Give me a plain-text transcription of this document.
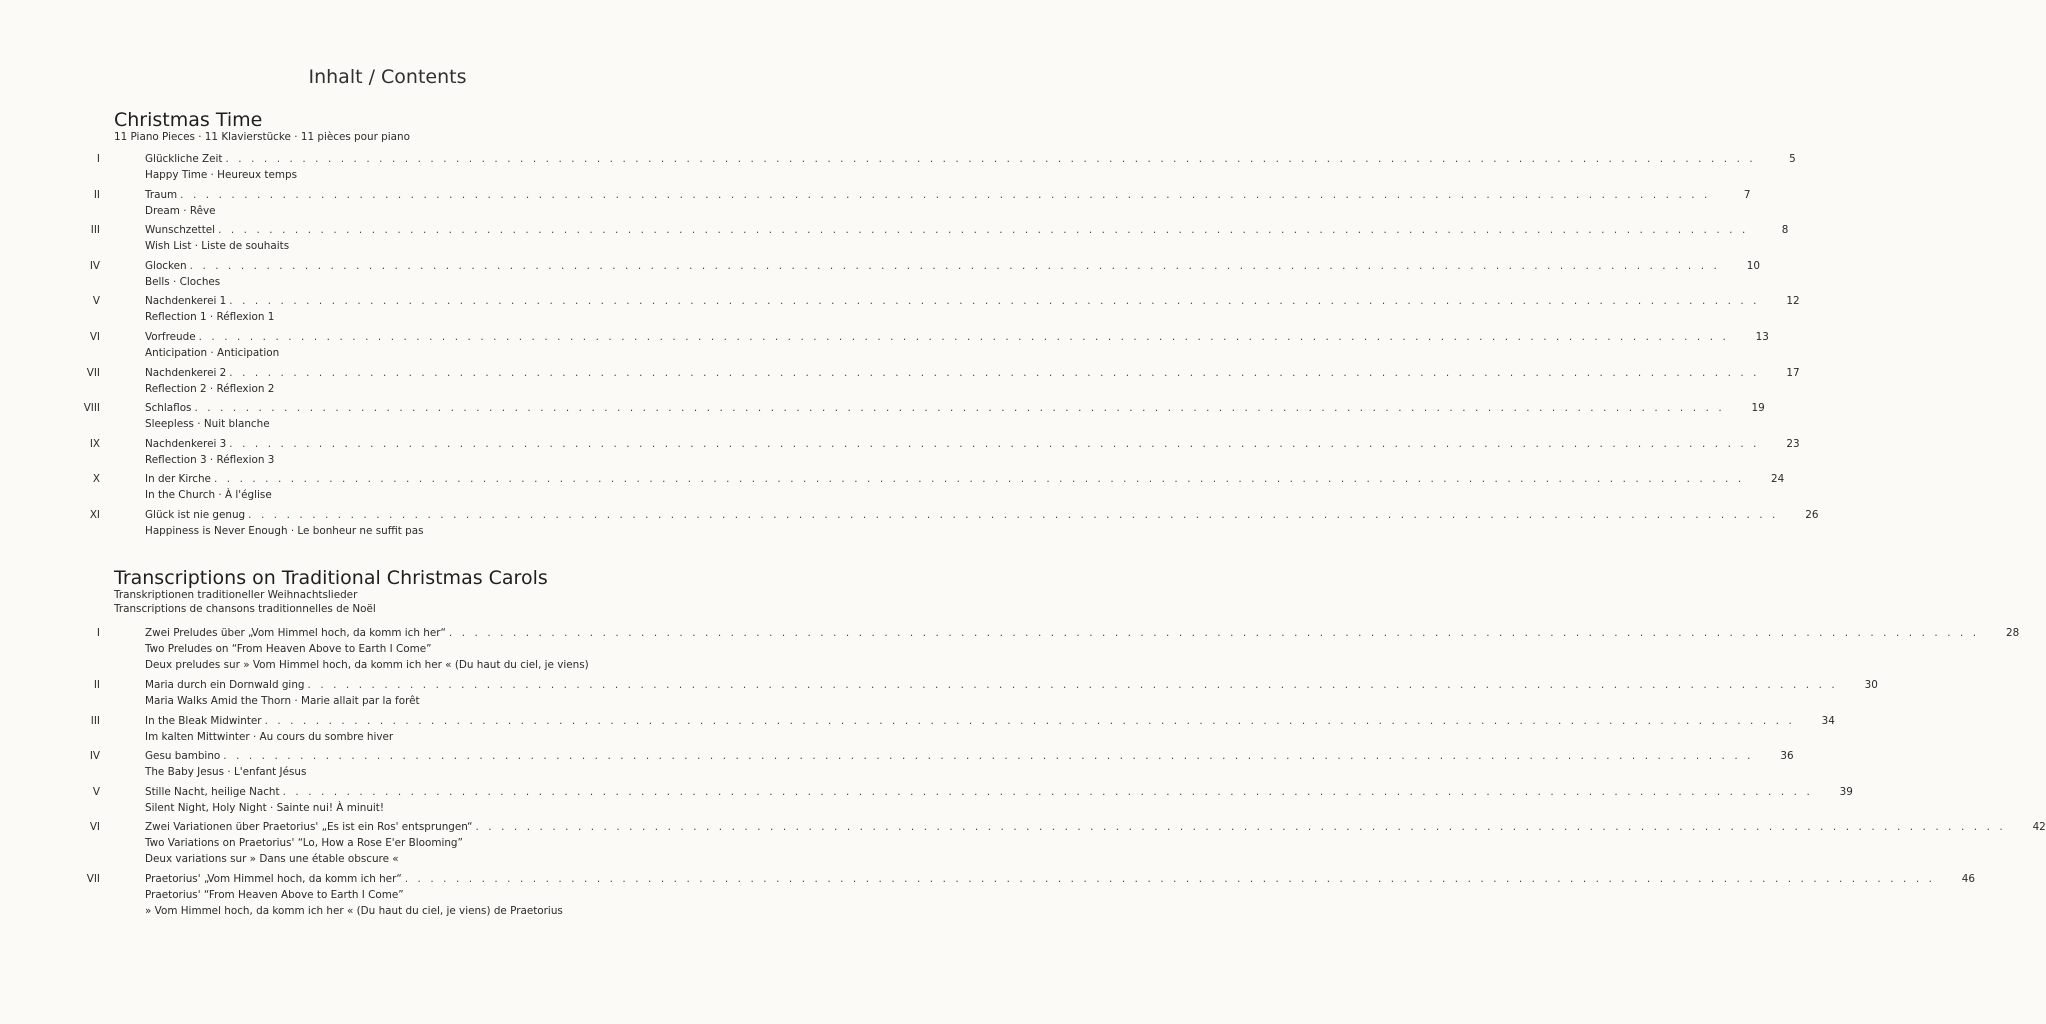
Inhalt / Contents
Christmas Time
11 Piano Pieces · 11 Klavierstücke · 11 pièces pour piano
I	Glückliche Zeit . . . . . . . . . . . . . . . . . . . . . . . . . . . . . . . . . . . . . . . . . . . . . . . . . . . . . . . . . . . . . . . . . . . . . . . . . . . . . . . . . . . . . . . . . . . . . . . . . . . . . . . . . . . . . . . . . . . . . . . .	5
Happy Time · Heureux temps
II	Traum . . . . . . . . . . . . . . . . . . . . . . . . . . . . . . . . . . . . . . . . . . . . . . . . . . . . . . . . . . . . . . . . . . . . . . . . . . . . . . . . . . . . . . . . . . . . . . . . . . . . . . . . . . . . . . . . . . . . . . . .	7
Dream · Rêve
III	Wunschzettel . . . . . . . . . . . . . . . . . . . . . . . . . . . . . . . . . . . . . . . . . . . . . . . . . . . . . . . . . . . . . . . . . . . . . . . . . . . . . . . . . . . . . . . . . . . . . . . . . . . . . . . . . . . . . . . . . . . . . . . .	8
Wish List · Liste de souhaits
IV	Glocken . . . . . . . . . . . . . . . . . . . . . . . . . . . . . . . . . . . . . . . . . . . . . . . . . . . . . . . . . . . . . . . . . . . . . . . . . . . . . . . . . . . . . . . . . . . . . . . . . . . . . . . . . . . . . . . . . . . . . . . .	10
Bells · Cloches
V	Nachdenkerei 1 . . . . . . . . . . . . . . . . . . . . . . . . . . . . . . . . . . . . . . . . . . . . . . . . . . . . . . . . . . . . . . . . . . . . . . . . . . . . . . . . . . . . . . . . . . . . . . . . . . . . . . . . . . . . . . . . . . . . . . . .	12
Reflection 1 · Réflexion 1
VI	Vorfreude . . . . . . . . . . . . . . . . . . . . . . . . . . . . . . . . . . . . . . . . . . . . . . . . . . . . . . . . . . . . . . . . . . . . . . . . . . . . . . . . . . . . . . . . . . . . . . . . . . . . . . . . . . . . . . . . . . . . . . . .	13
Anticipation · Anticipation
VII	Nachdenkerei 2 . . . . . . . . . . . . . . . . . . . . . . . . . . . . . . . . . . . . . . . . . . . . . . . . . . . . . . . . . . . . . . . . . . . . . . . . . . . . . . . . . . . . . . . . . . . . . . . . . . . . . . . . . . . . . . . . . . . . . . . .	17
Reflection 2 · Réflexion 2
VIII	Schlaflos . . . . . . . . . . . . . . . . . . . . . . . . . . . . . . . . . . . . . . . . . . . . . . . . . . . . . . . . . . . . . . . . . . . . . . . . . . . . . . . . . . . . . . . . . . . . . . . . . . . . . . . . . . . . . . . . . . . . . . . .	19
Sleepless · Nuit blanche
IX	Nachdenkerei 3 . . . . . . . . . . . . . . . . . . . . . . . . . . . . . . . . . . . . . . . . . . . . . . . . . . . . . . . . . . . . . . . . . . . . . . . . . . . . . . . . . . . . . . . . . . . . . . . . . . . . . . . . . . . . . . . . . . . . . . . .	23
Reflection 3 · Réflexion 3
X	In der Kirche . . . . . . . . . . . . . . . . . . . . . . . . . . . . . . . . . . . . . . . . . . . . . . . . . . . . . . . . . . . . . . . . . . . . . . . . . . . . . . . . . . . . . . . . . . . . . . . . . . . . . . . . . . . . . . . . . . . . . . . .	24
In the Church · À l'église
XI	Glück ist nie genug . . . . . . . . . . . . . . . . . . . . . . . . . . . . . . . . . . . . . . . . . . . . . . . . . . . . . . . . . . . . . . . . . . . . . . . . . . . . . . . . . . . . . . . . . . . . . . . . . . . . . . . . . . . . . . . . . . . . . . . .	26
Happiness is Never Enough · Le bonheur ne suffit pas
Transcriptions on Traditional Christmas Carols
Transkriptionen traditioneller Weihnachtslieder
Transcriptions de chansons traditionnelles de Noël
I	Zwei Preludes über „Vom Himmel hoch, da komm ich her“ . . . . . . . . . . . . . . . . . . . . . . . . . . . . . . . . . . . . . . . . . . . . . . . . . . . . . . . . . . . . . . . . . . . . . . . . . . . . . . . . . . . . . . . . . . . . . . . . . . . . . . . . . . . . . . . . . . . . . . . .	28
Two Preludes on “From Heaven Above to Earth I Come”
Deux preludes sur » Vom Himmel hoch, da komm ich her « (Du haut du ciel, je viens)
II	Maria durch ein Dornwald ging . . . . . . . . . . . . . . . . . . . . . . . . . . . . . . . . . . . . . . . . . . . . . . . . . . . . . . . . . . . . . . . . . . . . . . . . . . . . . . . . . . . . . . . . . . . . . . . . . . . . . . . . . . . . . . . . . . . . . . . .	30
Maria Walks Amid the Thorn · Marie allait par la forêt
III	In the Bleak Midwinter . . . . . . . . . . . . . . . . . . . . . . . . . . . . . . . . . . . . . . . . . . . . . . . . . . . . . . . . . . . . . . . . . . . . . . . . . . . . . . . . . . . . . . . . . . . . . . . . . . . . . . . . . . . . . . . . . . . . . . . .	34
Im kalten Mittwinter · Au cours du sombre hiver
IV	Gesu bambino . . . . . . . . . . . . . . . . . . . . . . . . . . . . . . . . . . . . . . . . . . . . . . . . . . . . . . . . . . . . . . . . . . . . . . . . . . . . . . . . . . . . . . . . . . . . . . . . . . . . . . . . . . . . . . . . . . . . . . . .	36
The Baby Jesus · L'enfant Jésus
V	Stille Nacht, heilige Nacht . . . . . . . . . . . . . . . . . . . . . . . . . . . . . . . . . . . . . . . . . . . . . . . . . . . . . . . . . . . . . . . . . . . . . . . . . . . . . . . . . . . . . . . . . . . . . . . . . . . . . . . . . . . . . . . . . . . . . . . .	39
Silent Night, Holy Night · Sainte nui! À minuit!
VI	Zwei Variationen über Praetorius' „Es ist ein Ros' entsprungen“ . . . . . . . . . . . . . . . . . . . . . . . . . . . . . . . . . . . . . . . . . . . . . . . . . . . . . . . . . . . . . . . . . . . . . . . . . . . . . . . . . . . . . . . . . . . . . . . . . . . . . . . . . . . . . . . . . . . . . . . .	42
Two Variations on Praetorius' “Lo, How a Rose E'er Blooming”
Deux variations sur » Dans une étable obscure «
VII	Praetorius' „Vom Himmel hoch, da komm ich her“ . . . . . . . . . . . . . . . . . . . . . . . . . . . . . . . . . . . . . . . . . . . . . . . . . . . . . . . . . . . . . . . . . . . . . . . . . . . . . . . . . . . . . . . . . . . . . . . . . . . . . . . . . . . . . . . . . . . . . . . .	46
Praetorius' “From Heaven Above to Earth I Come”
» Vom Himmel hoch, da komm ich her « (Du haut du ciel, je viens) de Praetorius
